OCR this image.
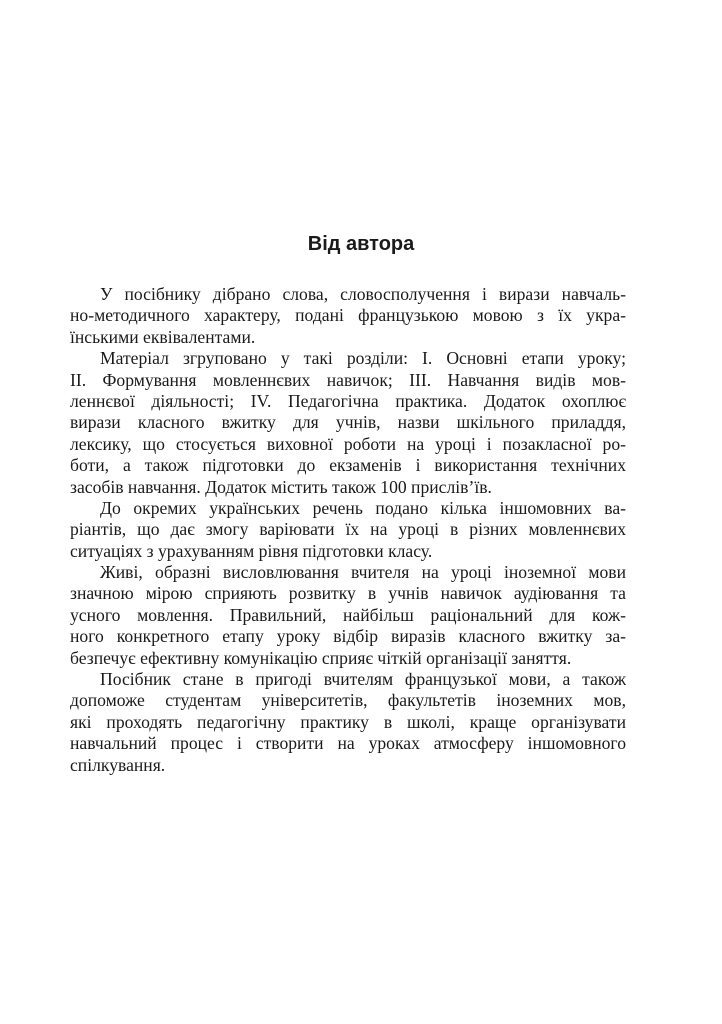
Від автора
У посібнику дібрано слова, словосполучення і вирази навчаль-
но-методичного характеру, подані французькою мовою з їх укра-
їнськими еквівалентами.
Матеріал згруповано у такі розділи: I. Основні етапи уроку;
II. Формування мовленнєвих навичок; III. Навчання видів мов-
леннєвої діяльності; IV. Педагогічна практика. Додаток охоплює
вирази класного вжитку для учнів, назви шкільного приладдя,
лексику, що стосується виховної роботи на уроці і позакласної ро-
боти, а також підготовки до екзаменів і використання технічних
засобів навчання. Додаток містить також 100 прислів’їв.
До окремих українських речень подано кілька іншомовних ва-
ріантів, що дає змогу варіювати їх на уроці в різних мовленнєвих
ситуаціях з урахуванням рівня підготовки класу.
Живі, образні висловлювання вчителя на уроці іноземної мови
значною мірою сприяють розвитку в учнів навичок аудіювання та
усного мовлення. Правильний, найбільш раціональний для кож-
ного конкретного етапу уроку відбір виразів класного вжитку за-
безпечує ефективну комунікацію сприяє чіткій організації заняття.
Посібник стане в пригоді вчителям французької мови, а також
допоможе студентам університетів, факультетів іноземних мов,
які проходять педагогічну практику в школі, краще організувати
навчальний процес і створити на уроках атмосферу іншомовного
спілкування.
